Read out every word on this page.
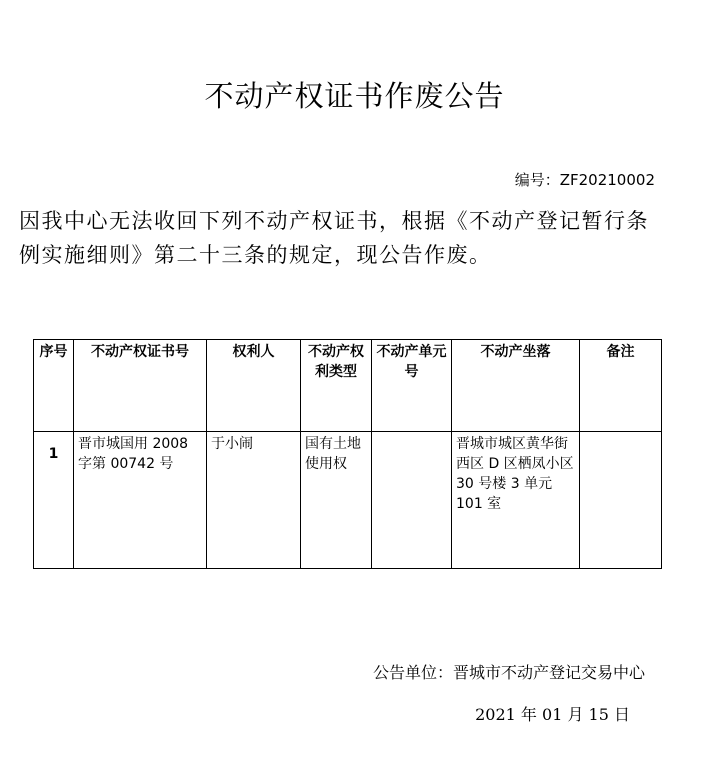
不动产权证书作废公告
编号：ZF20210002
因我中心无法收回下列不动产权证书，根据《不动产登记暂行条例实施细则》第二十三条的规定，现公告作废。
序号	不动产权证书号	权利人	不动产权利类型	不动产单元号	不动产坐落	备注
1	晋市城国用 2008 字第 00742 号	于小闹	国有土地使用权		晋城市城区黄华街西区 D 区栖凤小区 30 号楼 3 单元 101 室	
公告单位：晋城市不动产登记交易中心
2021 年 01 月 15 日
